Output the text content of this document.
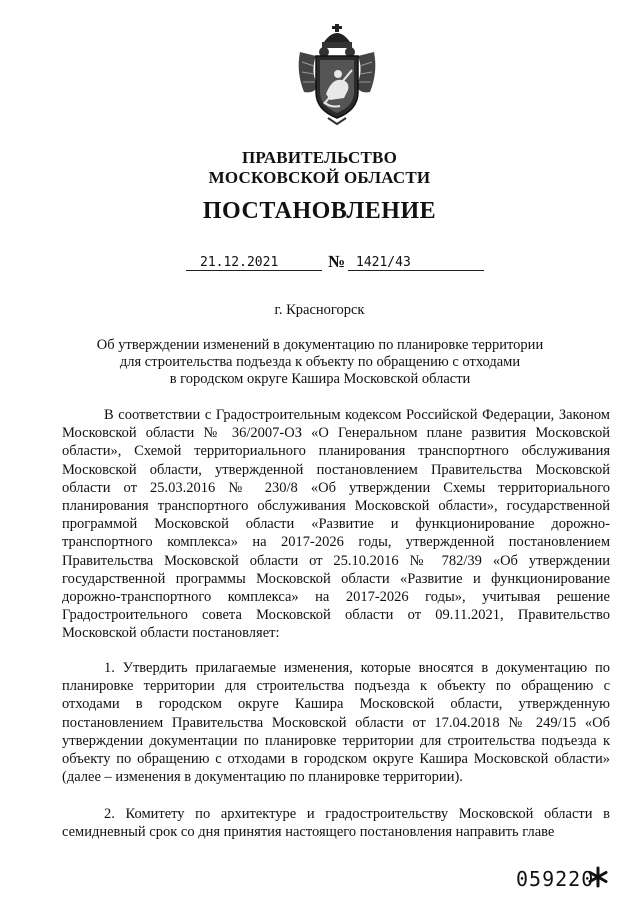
ПРАВИТЕЛЬСТВО
МОСКОВСКОЙ ОБЛАСТИ
ПОСТАНОВЛЕНИЕ
21.12.2021	№ 1421/43
г. Красногорск
Об утверждении изменений в документацию по планировке территории
для строительства подъезда к объекту по обращению с отходами
в городском округе Кашира Московской области

В соответствии с Градостроительным кодексом Российской Федерации, Законом Московской области № 36/2007-ОЗ «О Генеральном плане развития Московской области», Схемой территориального планирования транспортного обслуживания Московской области, утвержденной постановлением Правительства Московской области от 25.03.2016 № 230/8 «Об утверждении Схемы территориального планирования транспортного обслуживания Московской области», государственной программой Московской области «Развитие и функционирование дорожно-транспортного комплекса» на 2017-2026 годы, утвержденной постановлением Правительства Московской области от 25.10.2016 № 782/39 «Об утверждении государственной программы Московской области «Развитие и функционирование дорожно-транспортного комплекса» на 2017-2026 годы», учитывая решение Градостроительного совета Московской области от 09.11.2021, Правительство Московской области постановляет:

1. Утвердить прилагаемые изменения, которые вносятся в документацию по планировке территории для строительства подъезда к объекту по обращению с отходами в городском округе Кашира Московской области, утвержденную постановлением Правительства Московской области от 17.04.2018 № 249/15 «Об утверждении документации по планировке территории для строительства подъезда к объекту по обращению с отходами в городском округе Кашира Московской области» (далее – изменения в документацию по планировке территории).

2. Комитету по архитектуре и градостроительству Московской области в семидневный срок со дня принятия настоящего постановления направить главе

059220
